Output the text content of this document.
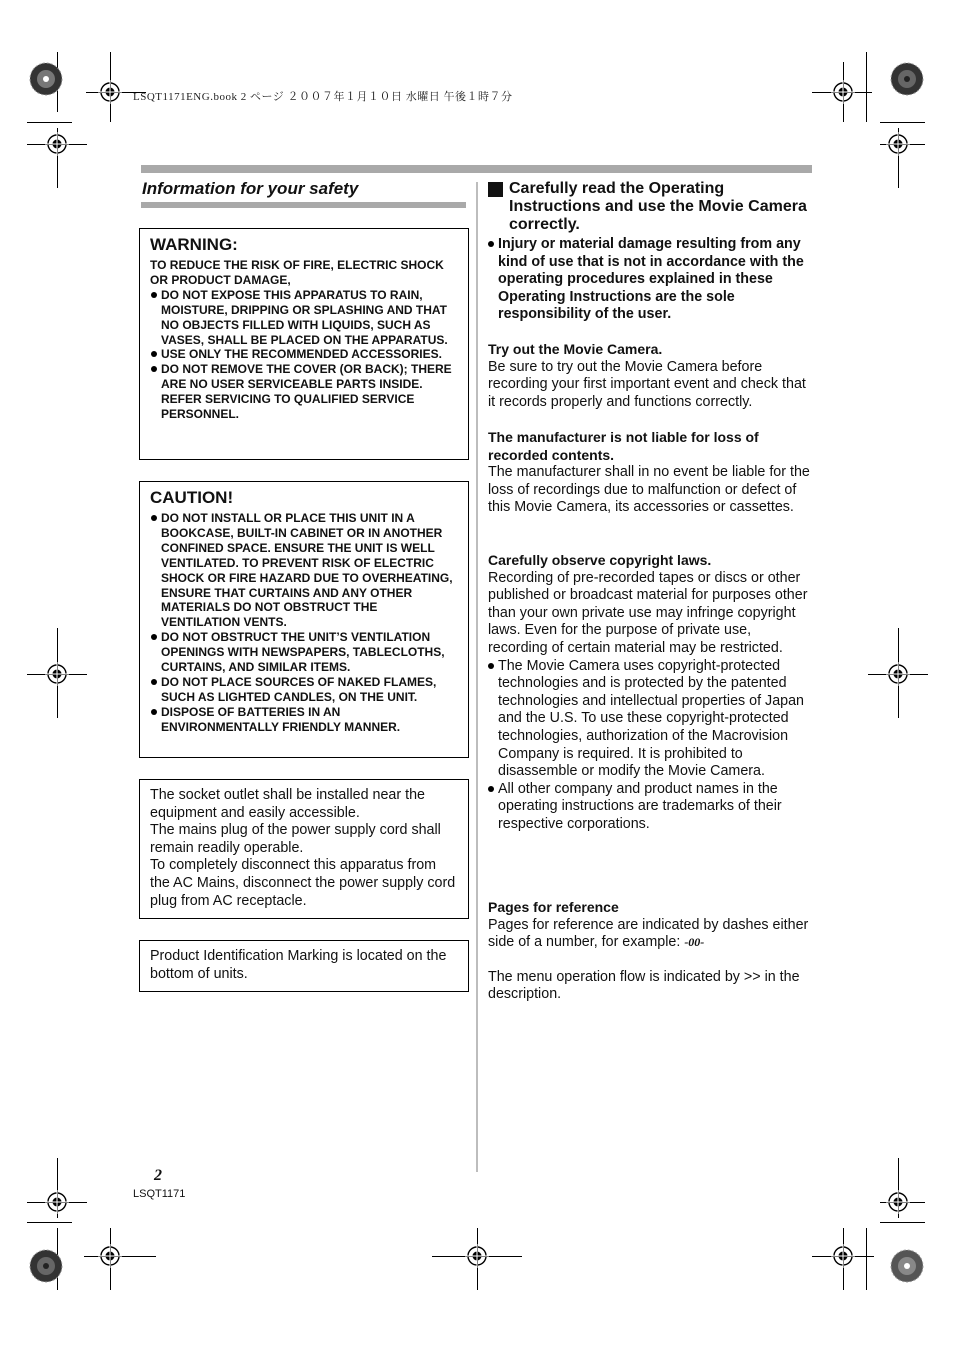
LSQT1171ENG.book 2 ページ ２００７年１月１０日 水曜日 午後１時７分
Information for your safety
WARNING:

TO REDUCE THE RISK OF FIRE, ELECTRIC SHOCK OR PRODUCT DAMAGE,

DO NOT EXPOSE THIS APPARATUS TO RAIN, MOISTURE, DRIPPING OR SPLASHING AND THAT NO OBJECTS FILLED WITH LIQUIDS, SUCH AS VASES, SHALL BE PLACED ON THE APPARATUS.

USE ONLY THE RECOMMENDED ACCESSORIES.

DO NOT REMOVE THE COVER (OR BACK); THERE ARE NO USER SERVICEABLE PARTS INSIDE. REFER SERVICING TO QUALIFIED SERVICE PERSONNEL.

CAUTION!

DO NOT INSTALL OR PLACE THIS UNIT IN A BOOKCASE, BUILT-IN CABINET OR IN ANOTHER CONFINED SPACE. ENSURE THE UNIT IS WELL VENTILATED. TO PREVENT RISK OF ELECTRIC SHOCK OR FIRE HAZARD DUE TO OVERHEATING, ENSURE THAT CURTAINS AND ANY OTHER MATERIALS DO NOT OBSTRUCT THE VENTILATION VENTS.

DO NOT OBSTRUCT THE UNIT’S VENTILATION OPENINGS WITH NEWSPAPERS, TABLECLOTHS, CURTAINS, AND SIMILAR ITEMS.

DO NOT PLACE SOURCES OF NAKED FLAMES, SUCH AS LIGHTED CANDLES, ON THE UNIT.

DISPOSE OF BATTERIES IN AN ENVIRONMENTALLY FRIENDLY MANNER.

The socket outlet shall be installed near the equipment and easily accessible.

The mains plug of the power supply cord shall remain readily operable.

To completely disconnect this apparatus from the AC Mains, disconnect the power supply cord plug from AC receptacle.

Product Identification Marking is located on the bottom of units.

Carefully read the Operating Instructions and use the Movie Camera correctly.

Injury or material damage resulting from any kind of use that is not in accordance with the operating procedures explained in these Operating Instructions are the sole responsibility of the user.

Try out the Movie Camera.

Be sure to try out the Movie Camera before recording your first important event and check that it records properly and functions correctly.

The manufacturer is not liable for loss of recorded contents.

The manufacturer shall in no event be liable for the loss of recordings due to malfunction or defect of this Movie Camera, its accessories or cassettes.

Carefully observe copyright laws.

Recording of pre-recorded tapes or discs or other published or broadcast material for purposes other than your own private use may infringe copyright laws. Even for the purpose of private use, recording of certain material may be restricted.

The Movie Camera uses copyright-protected technologies and is protected by the patented technologies and intellectual properties of Japan and the U.S. To use these copyright-protected technologies, authorization of the Macrovision Company is required. It is prohibited to disassemble or modify the Movie Camera.

All other company and product names in the operating instructions are trademarks of their respective corporations.

Pages for reference

Pages for reference are indicated by dashes either side of a number, for example: -00-

The menu operation flow is indicated by >> in the description.

2
LSQT1171
